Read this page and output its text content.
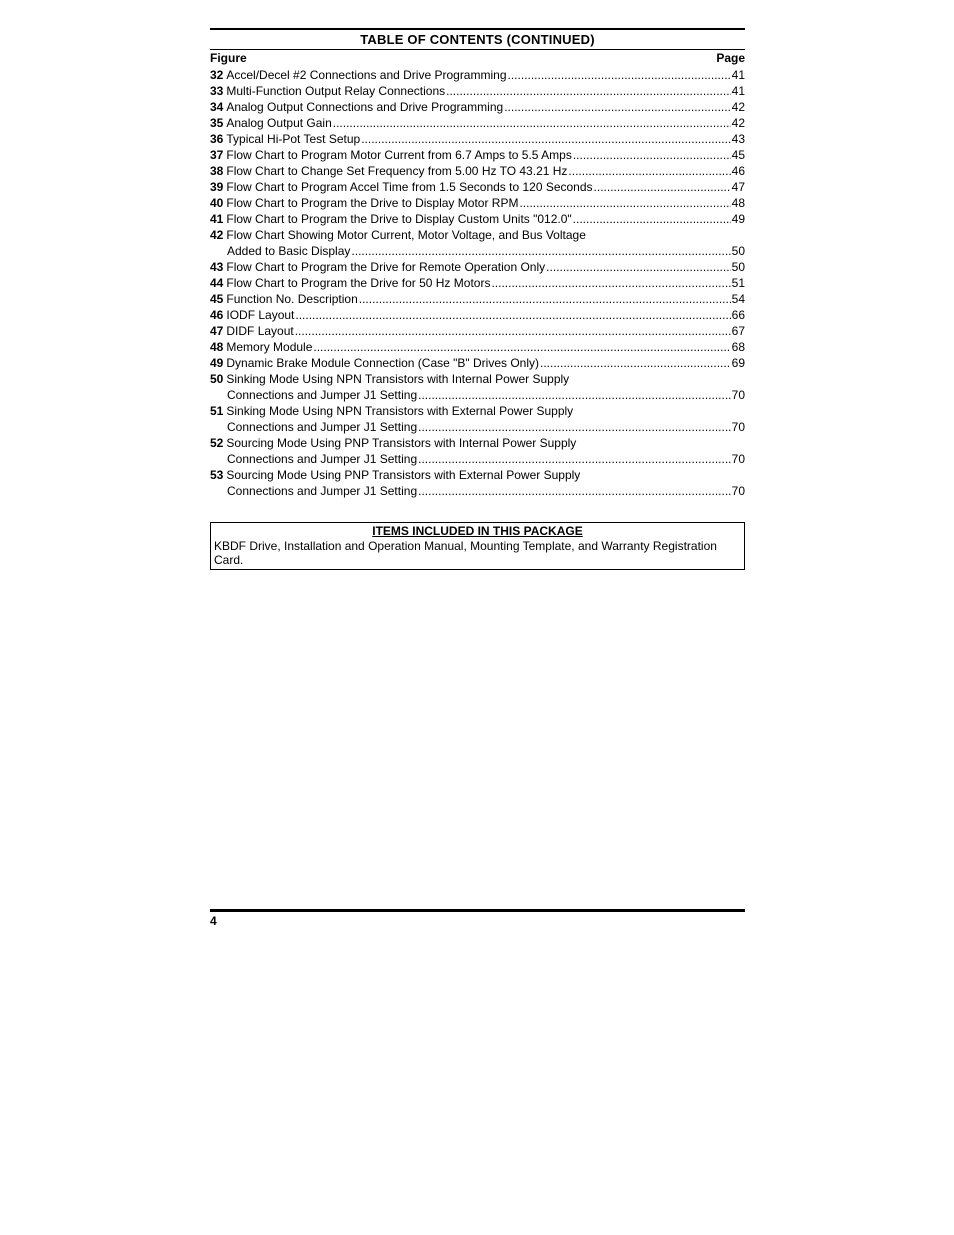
TABLE OF CONTENTS (CONTINUED)
Figure	Page
32 Accel/Decel #2 Connections and Drive Programming .....	41
33 Multi-Function Output Relay Connections .....	41
34 Analog Output Connections and Drive Programming .....	42
35 Analog Output Gain .....	42
36 Typical Hi-Pot Test Setup .....	43
37 Flow Chart to Program Motor Current from 6.7 Amps to 5.5 Amps .....	45
38 Flow Chart to Change Set Frequency from 5.00 Hz TO 43.21 Hz .....	46
39 Flow Chart to Program Accel Time from 1.5 Seconds to 120 Seconds .....	47
40 Flow Chart to Program the Drive to Display Motor RPM .....	48
41 Flow Chart to Program the Drive to Display Custom Units "012.0" .....	49
42 Flow Chart Showing Motor Current, Motor Voltage, and Bus Voltage
Added to Basic Display .....	50
43 Flow Chart to Program the Drive for Remote Operation Only .....	50
44 Flow Chart to Program the Drive for 50 Hz Motors .....	51
45 Function No. Description .....	54
46 IODF Layout .....	66
47 DIDF Layout .....	67
48 Memory Module .....	68
49 Dynamic Brake Module Connection (Case "B" Drives Only) .....	69
50 Sinking Mode Using NPN Transistors with Internal Power Supply
Connections and Jumper J1 Setting .....	70
51 Sinking Mode Using NPN Transistors with External Power Supply
Connections and Jumper J1 Setting .....	70
52 Sourcing Mode Using PNP Transistors with Internal Power Supply
Connections and Jumper J1 Setting .....	70
53 Sourcing Mode Using PNP Transistors with External Power Supply
Connections and Jumper J1 Setting .....	70
ITEMS INCLUDED IN THIS PACKAGE
KBDF Drive, Installation and Operation Manual, Mounting Template, and Warranty Registration Card.
4
